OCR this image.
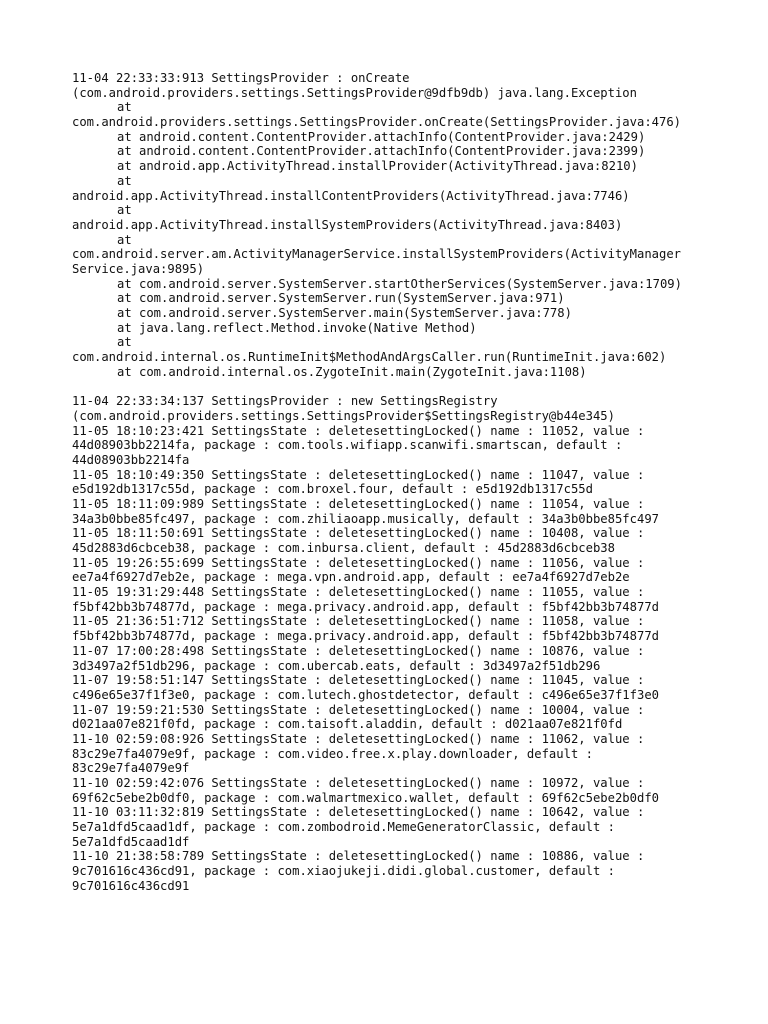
11-04 22:33:33:913 SettingsProvider : onCreate
(com.android.providers.settings.SettingsProvider@9dfb9db) java.lang.Exception
at
com.android.providers.settings.SettingsProvider.onCreate(SettingsProvider.java:476)
at android.content.ContentProvider.attachInfo(ContentProvider.java:2429)
at android.content.ContentProvider.attachInfo(ContentProvider.java:2399)
at android.app.ActivityThread.installProvider(ActivityThread.java:8210)
at
android.app.ActivityThread.installContentProviders(ActivityThread.java:7746)
at
android.app.ActivityThread.installSystemProviders(ActivityThread.java:8403)
at
com.android.server.am.ActivityManagerService.installSystemProviders(ActivityManager
Service.java:9895)
at com.android.server.SystemServer.startOtherServices(SystemServer.java:1709)
at com.android.server.SystemServer.run(SystemServer.java:971)
at com.android.server.SystemServer.main(SystemServer.java:778)
at java.lang.reflect.Method.invoke(Native Method)
at
com.android.internal.os.RuntimeInit$MethodAndArgsCaller.run(RuntimeInit.java:602)
at com.android.internal.os.ZygoteInit.main(ZygoteInit.java:1108)
11-04 22:33:34:137 SettingsProvider : new SettingsRegistry
(com.android.providers.settings.SettingsProvider$SettingsRegistry@b44e345)
11-05 18:10:23:421 SettingsState : deletesettingLocked() name : 11052, value :
44d08903bb2214fa, package : com.tools.wifiapp.scanwifi.smartscan, default :
44d08903bb2214fa
11-05 18:10:49:350 SettingsState : deletesettingLocked() name : 11047, value :
e5d192db1317c55d, package : com.broxel.four, default : e5d192db1317c55d
11-05 18:11:09:989 SettingsState : deletesettingLocked() name : 11054, value :
34a3b0bbe85fc497, package : com.zhiliaoapp.musically, default : 34a3b0bbe85fc497
11-05 18:11:50:691 SettingsState : deletesettingLocked() name : 10408, value :
45d2883d6cbceb38, package : com.inbursa.client, default : 45d2883d6cbceb38
11-05 19:26:55:699 SettingsState : deletesettingLocked() name : 11056, value :
ee7a4f6927d7eb2e, package : mega.vpn.android.app, default : ee7a4f6927d7eb2e
11-05 19:31:29:448 SettingsState : deletesettingLocked() name : 11055, value :
f5bf42bb3b74877d, package : mega.privacy.android.app, default : f5bf42bb3b74877d
11-05 21:36:51:712 SettingsState : deletesettingLocked() name : 11058, value :
f5bf42bb3b74877d, package : mega.privacy.android.app, default : f5bf42bb3b74877d
11-07 17:00:28:498 SettingsState : deletesettingLocked() name : 10876, value :
3d3497a2f51db296, package : com.ubercab.eats, default : 3d3497a2f51db296
11-07 19:58:51:147 SettingsState : deletesettingLocked() name : 11045, value :
c496e65e37f1f3e0, package : com.lutech.ghostdetector, default : c496e65e37f1f3e0
11-07 19:59:21:530 SettingsState : deletesettingLocked() name : 10004, value :
d021aa07e821f0fd, package : com.taisoft.aladdin, default : d021aa07e821f0fd
11-10 02:59:08:926 SettingsState : deletesettingLocked() name : 11062, value :
83c29e7fa4079e9f, package : com.video.free.x.play.downloader, default :
83c29e7fa4079e9f
11-10 02:59:42:076 SettingsState : deletesettingLocked() name : 10972, value :
69f62c5ebe2b0df0, package : com.walmartmexico.wallet, default : 69f62c5ebe2b0df0
11-10 03:11:32:819 SettingsState : deletesettingLocked() name : 10642, value :
5e7a1dfd5caad1df, package : com.zombodroid.MemeGeneratorClassic, default :
5e7a1dfd5caad1df
11-10 21:38:58:789 SettingsState : deletesettingLocked() name : 10886, value :
9c701616c436cd91, package : com.xiaojukeji.didi.global.customer, default :
9c701616c436cd91
